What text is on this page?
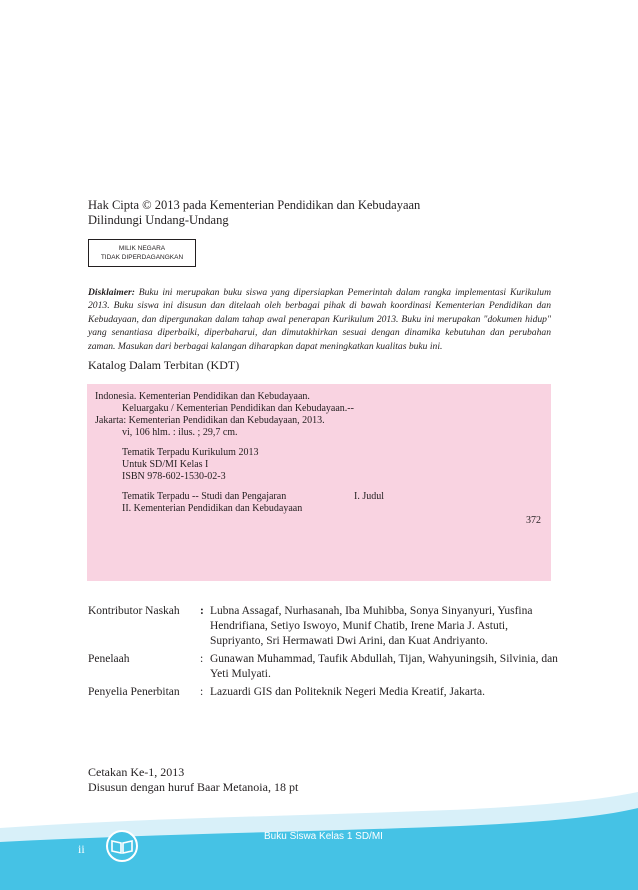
Hak Cipta © 2013 pada Kementerian Pendidikan dan Kebudayaan
Dilindungi Undang-Undang
MILIK NEGARA
TIDAK DIPERDAGANGKAN
Disklaimer: Buku ini merupakan buku siswa yang dipersiapkan Pemerintah dalam rangka implementasi Kurikulum 2013. Buku siswa ini disusun dan ditelaah oleh berbagai pihak di bawah koordinasi Kementerian Pendidikan dan Kebudayaan, dan dipergunakan dalam tahap awal penerapan Kurikulum 2013. Buku ini merupakan "dokumen hidup" yang senantiasa diperbaiki, diperbaharui, dan dimutakhirkan sesuai dengan dinamika kebutuhan dan perubahan zaman. Masukan dari berbagai kalangan diharapkan dapat meningkatkan kualitas buku ini.
Katalog Dalam Terbitan (KDT)
Indonesia. Kementerian Pendidikan dan Kebudayaan.
Keluargaku / Kementerian Pendidikan dan Kebudayaan.--
Jakarta: Kementerian Pendidikan dan Kebudayaan, 2013.
vi, 106 hlm. : ilus. ; 29,7 cm.
Tematik Terpadu Kurikulum 2013
Untuk SD/MI Kelas I
ISBN 978-602-1530-02-3
Tematik Terpadu -- Studi dan Pengajaran	I. Judul
II. Kementerian Pendidikan dan Kebudayaan
372
Kontributor Naskah	: Lubna Assagaf, Nurhasanah, Iba Muhibba, Sonya Sinyanyuri, Yusfina Hendrifiana, Setiyo Iswoyo, Munif Chatib, Irene Maria J. Astuti, Supriyanto, Sri Hermawati Dwi Arini, dan Kuat Andriyanto.
Penelaah	: Gunawan Muhammad, Taufik Abdullah, Tijan, Wahyuningsih, Silvinia, dan Yeti Mulyati.
Penyelia Penerbitan	: Lazuardi GIS dan Politeknik Negeri Media Kreatif, Jakarta.
Cetakan Ke-1, 2013
Disusun dengan huruf Baar Metanoia, 18 pt
ii
Buku Siswa Kelas 1 SD/MI
